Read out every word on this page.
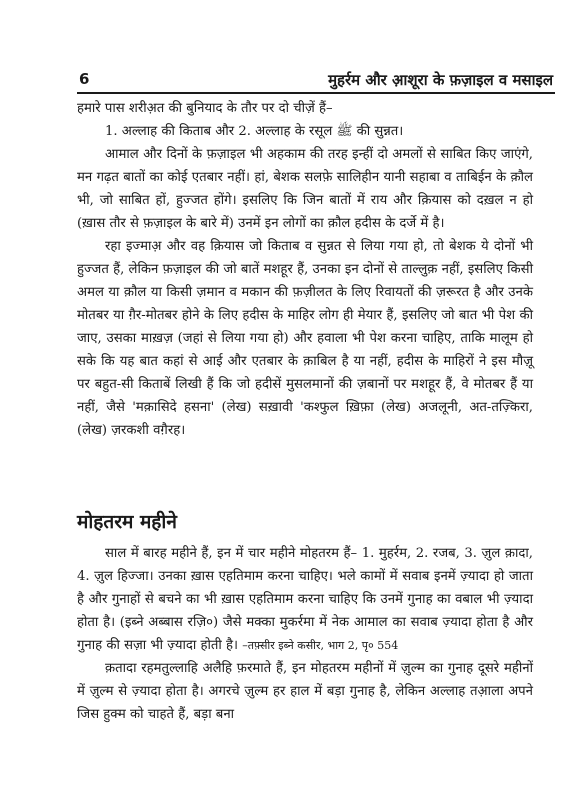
6	मुहर्रम और आ़शूरा के फ़ज़ाइल व मसाइल

हमारे पास शरीअ़त की बुनियाद के तौर पर दो चीज़ें हैं–

1. अल्लाह की किताब और 2. अल्लाह के रसूल ﷺ की सुन्नत।

आमाल और दिनों के फ़ज़ाइल भी अहकाम की तरह इन्हीं दो अमलों से साबित किए जाएंगे, मन गढ़त बातों का कोई एतबार नहीं। हां, बेशक सलफ़े सालिहीन यानी सहाबा व ताबिईन के क़ौल भी, जो साबित हों, हुज्जत होंगे। इसलिए कि जिन बातों में राय और क़ियास को दख़ल न हो (ख़ास तौर से फ़ज़ाइल के बारे में) उनमें इन लोगों का क़ौल हदीस के दर्जे में है।

रहा इज्माअ़ और वह क़ियास जो किताब व सुन्नत से लिया गया हो, तो बेशक ये दोनों भी हुज्जत हैं, लेकिन फ़ज़ाइल की जो बातें मशहूर हैं, उनका इन दोनों से ताल्लुक़ नहीं, इसलिए किसी अमल या क़ौल या किसी ज़मान व मकान की फ़ज़ीलत के लिए रिवायतों की ज़रूरत है और उनके मोतबर या ग़ैर-मोतबर होने के लिए हदीस के माहिर लोग ही मेयार हैं, इसलिए जो बात भी पेश की जाए, उसका माख़ज़ (जहां से लिया गया हो) और हवाला भी पेश करना चाहिए, ताकि मालूम हो सके कि यह बात कहां से आई और एतबार के क़ाबिल है या नहीं, हदीस के माहिरों ने इस मौज़ू पर बहुत-सी किताबें लिखी हैं कि जो हदीसें मुसलमानों की ज़बानों पर मशहूर हैं, वे मोतबर हैं या नहीं, जैसे 'मक़ासिदे हसना' (लेख) सख़ावी 'कश्फुल ख़िफ़ा (लेख) अजलूनी, अत-तज़्किरा, (लेख) ज़रकशी वग़ैरह।

मोहतरम महीने

साल में बारह महीने हैं, इन में चार महीने मोहतरम हैं– 1. मुहर्रम, 2. रजब, 3. ज़ुल क़ादा, 4. ज़ुल हिज्जा। उनका ख़ास एहतिमाम करना चाहिए। भले कामों में सवाब इनमें ज़्यादा हो जाता है और गुनाहों से बचने का भी ख़ास एहतिमाम करना चाहिए कि उनमें गुनाह का वबाल भी ज़्यादा होता है। (इब्ने अब्बास रज़ि०) जैसे मक्का मुकर्रमा में नेक आमाल का सवाब ज़्यादा होता है और गुनाह की सज़ा भी ज़्यादा होती है। –तफ़्सीर इब्ने कसीर, भाग 2, पृ० 554

क़तादा रहमतुल्लाहि अलैहि फ़रमाते हैं, इन मोहतरम महीनों में ज़ुल्म का गुनाह दूसरे महीनों में ज़ुल्म से ज़्यादा होता है। अगरचे ज़ुल्म हर हाल में बड़ा गुनाह है, लेकिन अल्लाह तआ़ला अपने जिस हुक्म को चाहते हैं, बड़ा बना
